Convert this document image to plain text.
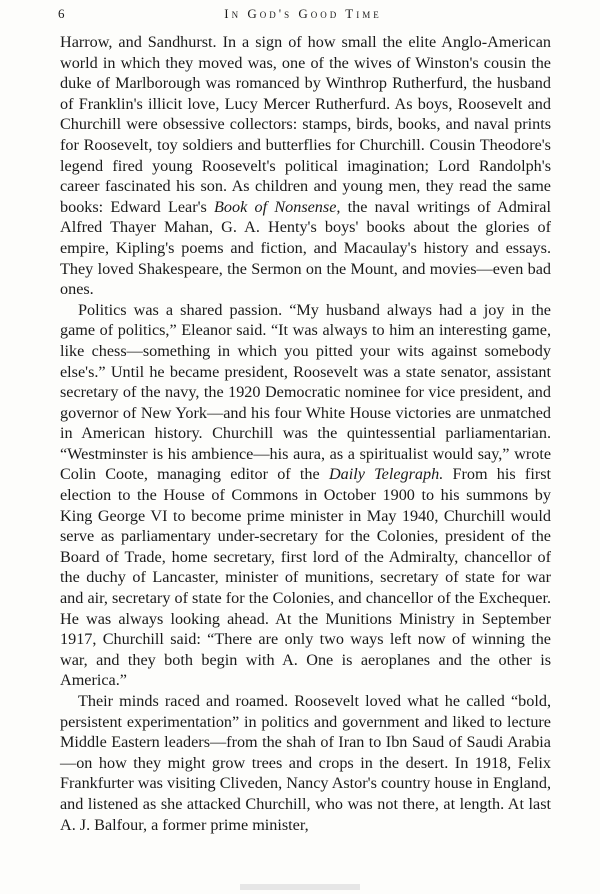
6	In God's Good Time

Harrow, and Sandhurst. In a sign of how small the elite Anglo-American world in which they moved was, one of the wives of Winston's cousin the duke of Marlborough was romanced by Winthrop Rutherfurd, the husband of Franklin's illicit love, Lucy Mercer Rutherfurd. As boys, Roosevelt and Churchill were obsessive collectors: stamps, birds, books, and naval prints for Roosevelt, toy soldiers and butterflies for Churchill. Cousin Theodore's legend fired young Roosevelt's political imagination; Lord Randolph's career fascinated his son. As children and young men, they read the same books: Edward Lear's Book of Nonsense, the naval writings of Admiral Alfred Thayer Mahan, G. A. Henty's boys' books about the glories of empire, Kipling's poems and fiction, and Macaulay's history and essays. They loved Shakespeare, the Sermon on the Mount, and movies—even bad ones.

Politics was a shared passion. “My husband always had a joy in the game of politics,” Eleanor said. “It was always to him an interesting game, like chess—something in which you pitted your wits against somebody else's.” Until he became president, Roosevelt was a state senator, assistant secretary of the navy, the 1920 Democratic nominee for vice president, and governor of New York—and his four White House victories are unmatched in American history. Churchill was the quintessential parliamentarian. “Westminster is his ambience—his aura, as a spiritualist would say,” wrote Colin Coote, managing editor of the Daily Telegraph. From his first election to the House of Commons in October 1900 to his summons by King George VI to become prime minister in May 1940, Churchill would serve as parliamentary under-secretary for the Colonies, president of the Board of Trade, home secretary, first lord of the Admiralty, chancellor of the duchy of Lancaster, minister of munitions, secretary of state for war and air, secretary of state for the Colonies, and chancellor of the Exchequer. He was always looking ahead. At the Munitions Ministry in September 1917, Churchill said: “There are only two ways left now of winning the war, and they both begin with A. One is aeroplanes and the other is America.”

Their minds raced and roamed. Roosevelt loved what he called “bold, persistent experimentation” in politics and government and liked to lecture Middle Eastern leaders—from the shah of Iran to Ibn Saud of Saudi Arabia—on how they might grow trees and crops in the desert. In 1918, Felix Frankfurter was visiting Cliveden, Nancy Astor's country house in England, and listened as she attacked Churchill, who was not there, at length. At last A. J. Balfour, a former prime minister,
